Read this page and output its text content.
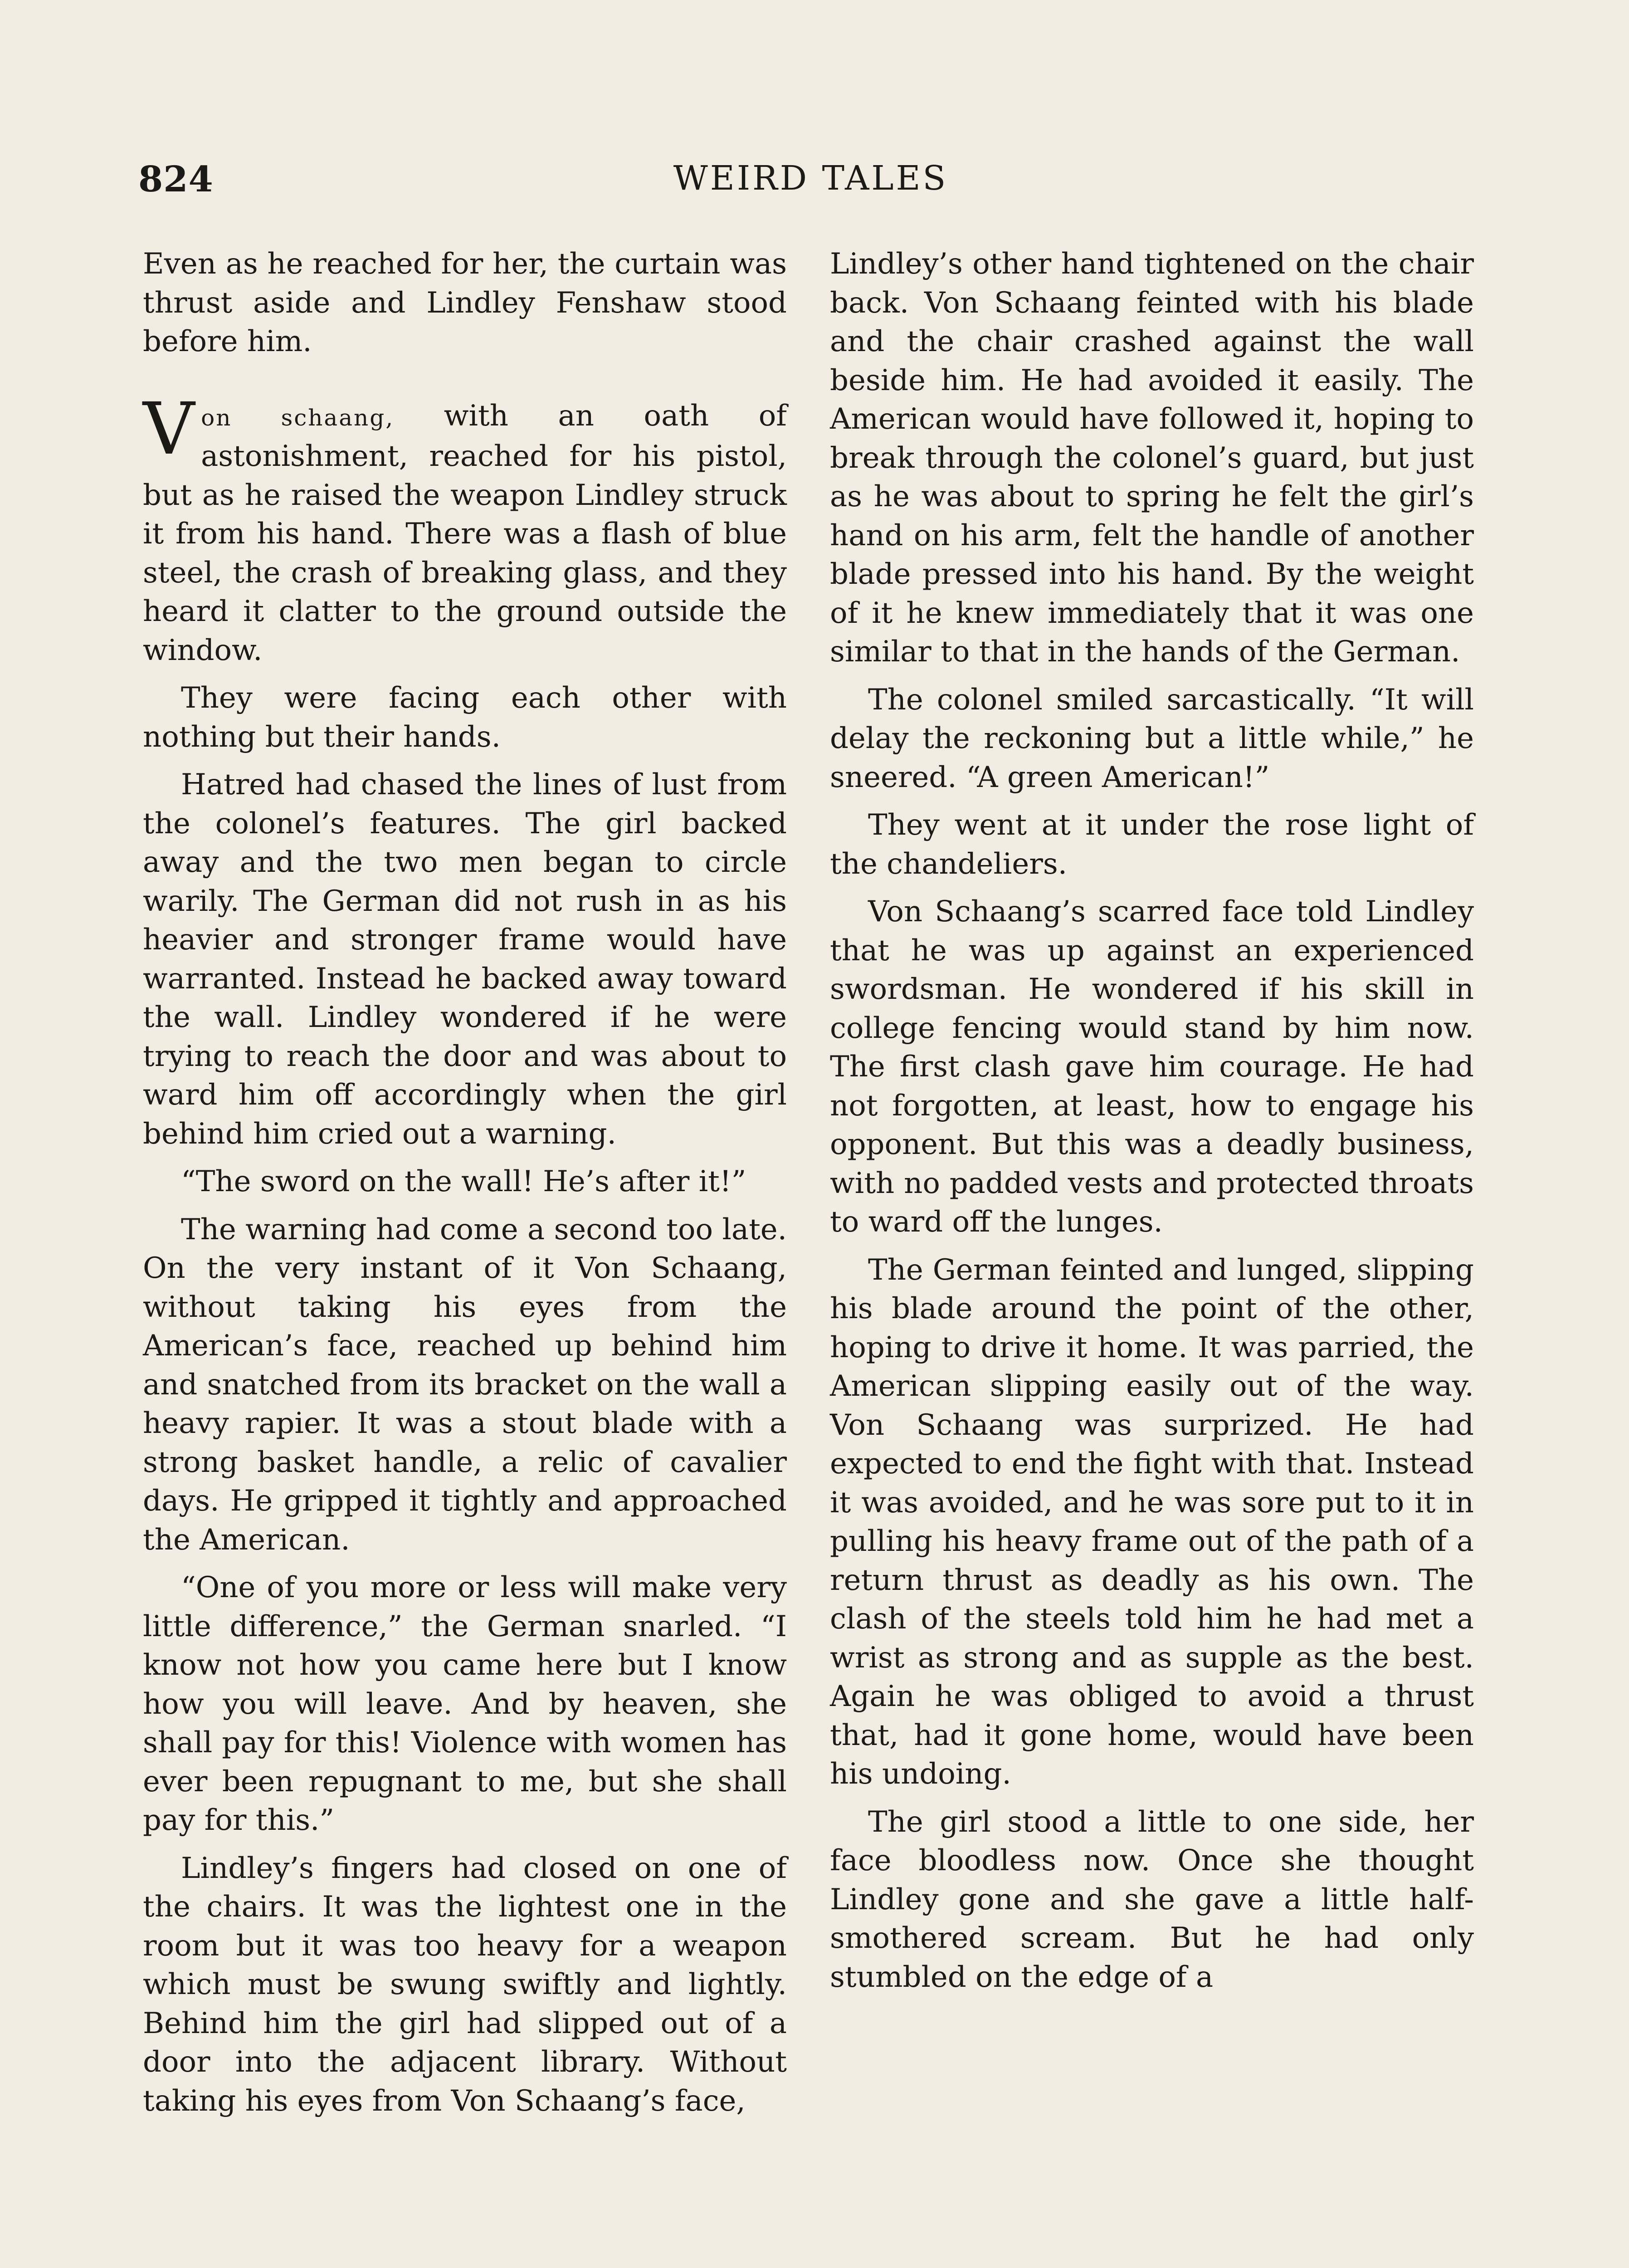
824	WEIRD TALES

Even as he reached for her, the curtain was thrust aside and Lindley Fenshaw stood before him.

Von schaang, with an oath of astonishment, reached for his pistol, but as he raised the weapon Lindley struck it from his hand. There was a flash of blue steel, the crash of breaking glass, and they heard it clatter to the ground outside the window.

They were facing each other with nothing but their hands.

Hatred had chased the lines of lust from the colonel’s features. The girl backed away and the two men began to circle warily. The German did not rush in as his heavier and stronger frame would have warranted. Instead he backed away toward the wall. Lindley wondered if he were trying to reach the door and was about to ward him off accordingly when the girl behind him cried out a warning.

“The sword on the wall! He’s after it!”

The warning had come a second too late. On the very instant of it Von Schaang, without taking his eyes from the American’s face, reached up behind him and snatched from its bracket on the wall a heavy rapier. It was a stout blade with a strong basket handle, a relic of cavalier days. He gripped it tightly and approached the American.

“One of you more or less will make very little difference,” the German snarled. “I know not how you came here but I know how you will leave. And by heaven, she shall pay for this! Violence with women has ever been repugnant to me, but she shall pay for this.”

Lindley’s fingers had closed on one of the chairs. It was the lightest one in the room but it was too heavy for a weapon which must be swung swiftly and lightly. Behind him the girl had slipped out of a door into the adjacent library. Without taking his eyes from Von Schaang’s face,

Lindley’s other hand tightened on the chair back. Von Schaang feinted with his blade and the chair crashed against the wall beside him. He had avoided it easily. The American would have followed it, hoping to break through the colonel’s guard, but just as he was about to spring he felt the girl’s hand on his arm, felt the handle of another blade pressed into his hand. By the weight of it he knew immediately that it was one similar to that in the hands of the German.

The colonel smiled sarcastically. “It will delay the reckoning but a little while,” he sneered. “A green American!”

They went at it under the rose light of the chandeliers.

Von Schaang’s scarred face told Lindley that he was up against an experienced swordsman. He wondered if his skill in college fencing would stand by him now. The first clash gave him courage. He had not forgotten, at least, how to engage his opponent. But this was a deadly business, with no padded vests and protected throats to ward off the lunges.

The German feinted and lunged, slipping his blade around the point of the other, hoping to drive it home. It was parried, the American slipping easily out of the way. Von Schaang was surprized. He had expected to end the fight with that. Instead it was avoided, and he was sore put to it in pulling his heavy frame out of the path of a return thrust as deadly as his own. The clash of the steels told him he had met a wrist as strong and as supple as the best. Again he was obliged to avoid a thrust that, had it gone home, would have been his undoing.

The girl stood a little to one side, her face bloodless now. Once she thought Lindley gone and she gave a little half-smothered scream. But he had only stumbled on the edge of a
